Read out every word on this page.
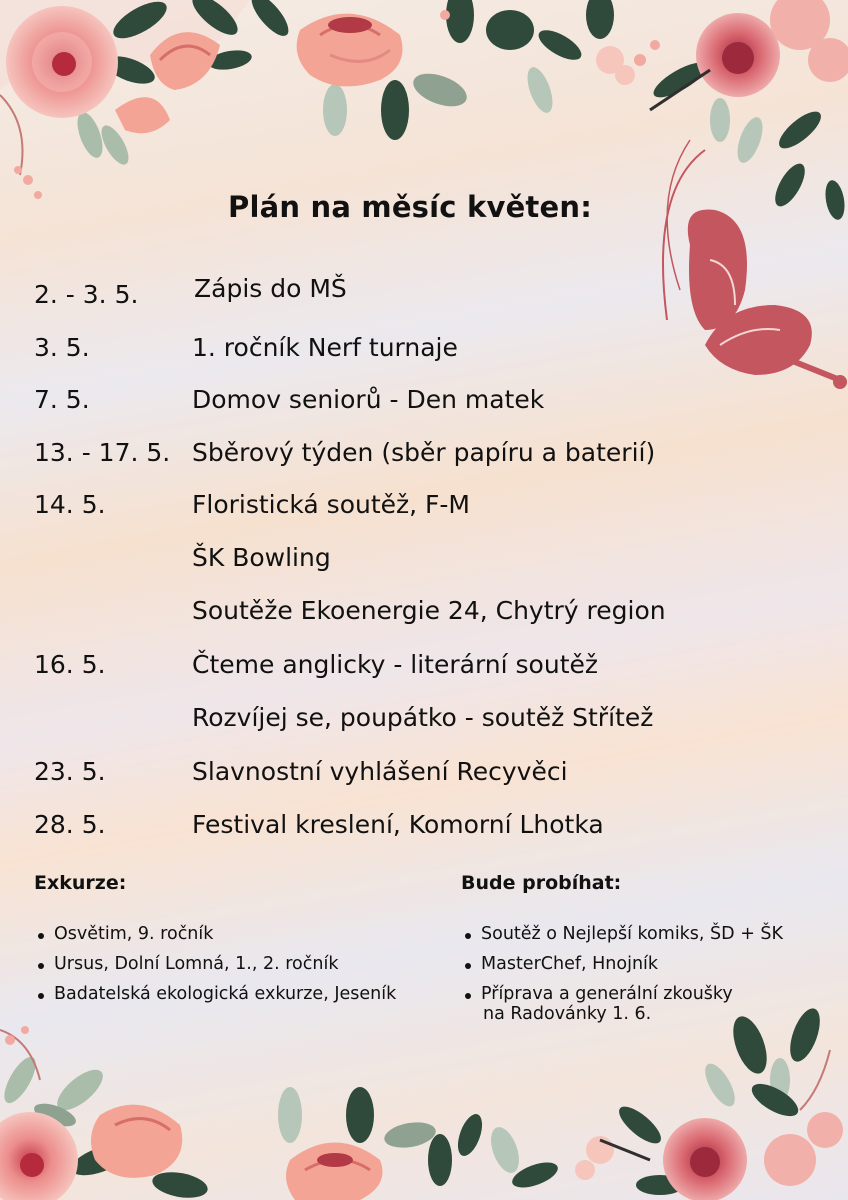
Plán na měsíc květen:
2. - 3. 5. Zápis do MŠ
3. 5.	1. ročník Nerf turnaje
7. 5.	Domov seniorů - Den matek
13. - 17. 5. Sběrový týden (sběr papíru a baterií)
14. 5.	Floristická soutěž, F-M
ŠK Bowling
Soutěže Ekoenergie 24, Chytrý region
16. 5.	Čteme anglicky - literární soutěž
Rozvíjej se, poupátko - soutěž Střítež
23. 5.	Slavnostní vyhlášení Recyvěci
28. 5.	Festival kreslení, Komorní Lhotka
Exkurze:
Osvětim, 9. ročník
Ursus, Dolní Lomná, 1., 2. ročník
Badatelská ekologická exkurze, Jeseník
Bude probíhat:
Soutěž o Nejlepší komiks, ŠD + ŠK
MasterChef, Hnojník
Příprava a generální zkoušky
na Radovánky 1. 6.
